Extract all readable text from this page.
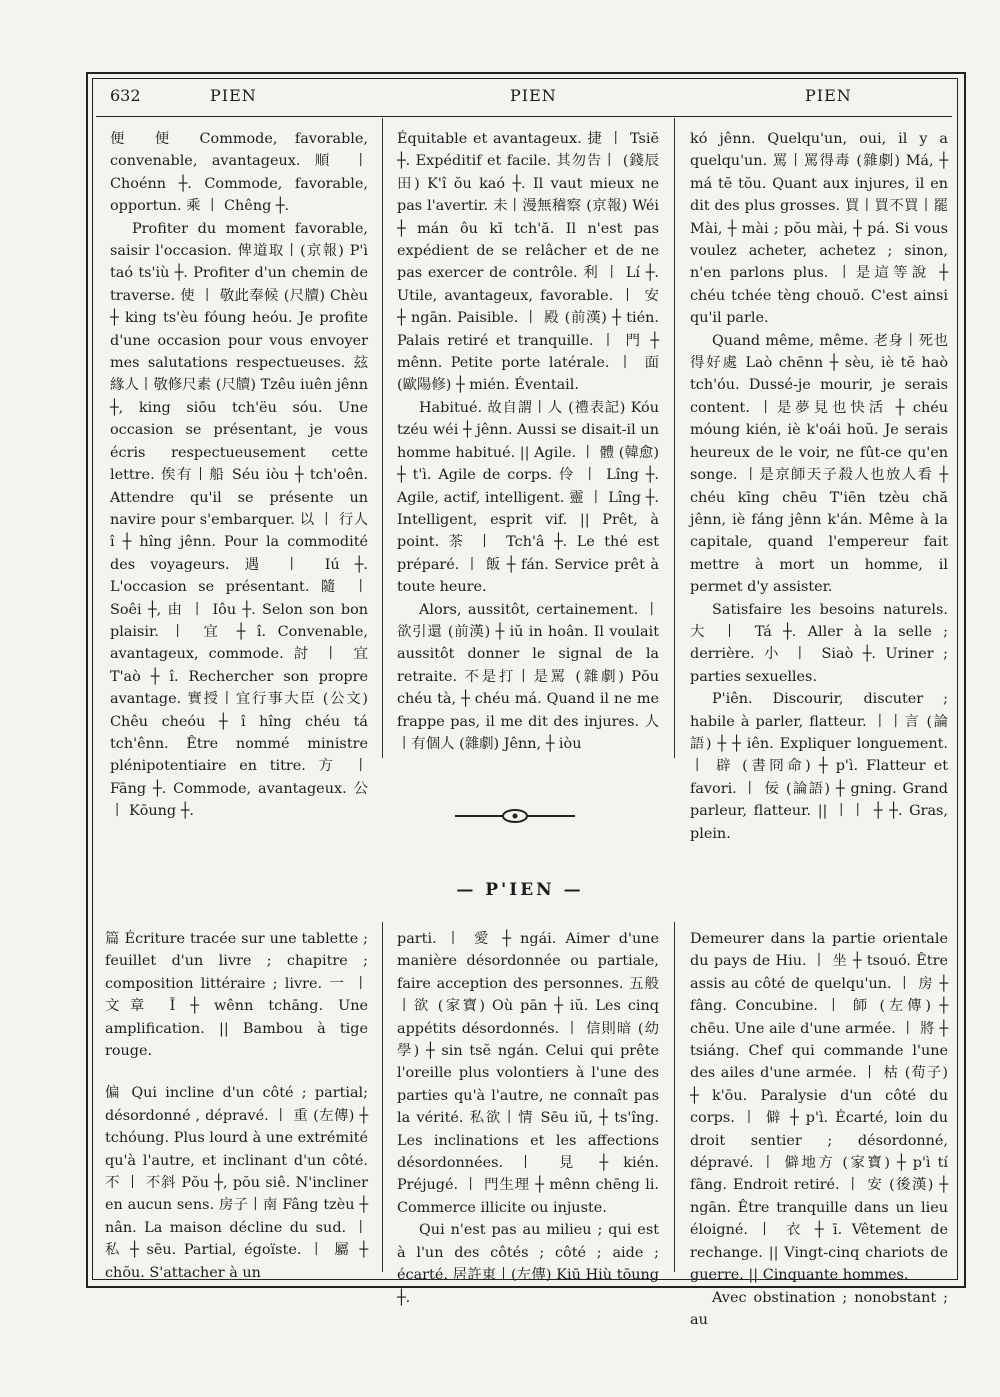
632	PIEN	PIEN	PIEN

便 便 Commode, favorable, convenable, avantageux. 順 丨 Choénn ┼. Commode, favorable, opportun. 乘 丨 Chêng ┼.

Profiter du moment favorable, saisir l'occasion. 俾道取丨(京報) P'ì taó ts'iù ┼. Profiter d'un chemin de traverse. 使 丨 敬此奉候 (尺牘) Chèu ┼ king ts'èu fóung heóu. Je profite d'une occasion pour vous envoyer mes salutations respectueuses. 玆緣人丨敬修尺素 (尺牘) Tzêu iuên jênn ┼, king siōu tch'ëu sóu. Une occasion se présentant, je vous écris respectueusement cette lettre. 俟有丨船 Séu iòu ┼ tch'oên. Attendre qu'il se présente un navire pour s'embarquer. 以 丨 行人 î ┼ hîng jênn. Pour la commodité des voyageurs. 遇 丨 Iú ┼. L'occasion se présentant. 隨 丨 Soêi ┼, 由 丨 Iôu ┼. Selon son bon plaisir. 丨 宜 ┼ î. Convenable, avantageux, commode. 討 丨 宜 T'aò ┼ î. Rechercher son propre avantage. 實授丨宜行事大臣 (公文) Chêu cheóu ┼ î hîng chéu tá tch'ênn. Être nommé ministre plénipotentiaire en titre. 方 丨 Fāng ┼. Commode, avantageux. 公 丨 Kōung ┼.

Équitable et avantageux. 捷 丨 Tsiĕ ┼. Expéditif et facile. 其勿告丨 (錢辰田) K'î ŏu kaó ┼. Il vaut mieux ne pas l'avertir. 未丨漫無稽察 (京報) Wéi ┼ mán ôu kī tch'ă. Il n'est pas expédient de se relâcher et de ne pas exercer de contrôle. 利 丨 Lí ┼. Utile, avantageux, favorable. 丨 安 ┼ ngān. Paisible. 丨 殿 (前漢) ┼ tién. Palais retiré et tranquille. 丨 門 ┼ mênn. Petite porte latérale. 丨 面 (歐陽修) ┼ mién. Éventail.

Habitué. 故自謂丨人 (禮表記) Kóu tzéu wéi ┼ jênn. Aussi se disait-il un homme habitué. || Agile. 丨 體 (韓愈) ┼ t'ì. Agile de corps. 伶 丨 Lîng ┼. Agile, actif, intelligent. 靈 丨 Lîng ┼. Intelligent, esprit vif. || Prêt, à point. 茶 丨 Tch'â ┼. Le thé est préparé. 丨 飯 ┼ fán. Service prêt à toute heure.

Alors, aussitôt, certainement. 丨 欲引還 (前漢) ┼ iŭ in hoân. Il voulait aussitôt donner le signal de la retraite. 不是打丨是罵 (雜劇) Pŏu chéu tà, ┼ chéu má. Quand il ne me frappe pas, il me dit des injures. 人丨有個人 (雜劇) Jênn, ┼ iòu

kó jênn. Quelqu'un, oui, il y a quelqu'un. 罵丨罵得毒 (雜劇) Má, ┼ má tĕ tŏu. Quant aux injures, il en dit des plus grosses. 買丨買不買丨罷 Mài, ┼ mài ; pŏu mài, ┼ pá. Si vous voulez acheter, achetez ; sinon, n'en parlons plus. 丨是這等說 ┼ chéu tchée tèng chouŏ. C'est ainsi qu'il parle.

Quand même, même. 老身丨死也得好處 Laò chēnn ┼ sèu, iè tĕ haò tch'óu. Dussé-je mourir, je serais content. 丨是夢見也快活 ┼ chéu móung kién, iè k'oái hoŭ. Je serais heureux de le voir, ne fût-ce qu'en songe. 丨是京師天子殺人也放人看 ┼ chéu kīng chēu T'iēn tzèu chă jênn, iè fáng jênn k'án. Même à la capitale, quand l'empereur fait mettre à mort un homme, il permet d'y assister.

Satisfaire les besoins naturels. 大 丨 Tá ┼. Aller à la selle ; derrière. 小 丨 Siaò ┼. Uriner ; parties sexuelles.

P'iên. Discourir, discuter ; habile à parler, flatteur. 丨丨言 (論語) ┼ ┼ iên. Expliquer longuement. 丨 辟 (書冏命) ┼ p'ì. Flatteur et favori. 丨 佞 (論語) ┼ gning. Grand parleur, flatteur. || 丨丨 ┼ ┼. Gras, plein.

— P'IEN —

篇 Écriture tracée sur une tablette ; feuillet d'un livre ; chapitre ; composition littéraire ; livre. 一 丨 文章 Ĭ ┼ wênn tchāng. Une amplification. || Bambou à tige rouge.

偏 Qui incline d'un côté ; partial; désordonné , dépravé. 丨 重 (左傳) ┼ tchóung. Plus lourd à une extrémité qu'à l'autre, et inclinant d'un côté. 不 丨 不斜 Pŏu ┼, pŏu siê. N'incliner en aucun sens. 房子丨南 Fâng tzèu ┼ nân. La maison décline du sud. 丨 私 ┼ sēu. Partial, égoïste. 丨 屬 ┼ chŏu. S'attacher à un

parti. 丨 愛 ┼ ngái. Aimer d'une manière désordonnée ou partiale, faire acception des personnes. 五般丨欲 (家寶) Où pān ┼ iŭ. Les cinq appétits désordonnés. 丨 信則暗 (幼學) ┼ sin tsĕ ngán. Celui qui prête l'oreille plus volontiers à l'une des parties qu'à l'autre, ne connaît pas la vérité. 私欲丨情 Sēu iŭ, ┼ ts'îng. Les inclinations et les affections désordonnées. 丨 見 ┼ kién. Préjugé. 丨 門生理 ┼ mênn chēng li. Commerce illicite ou injuste.

Qui n'est pas au milieu ; qui est à l'un des côtés ; côté ; aide ; écarté. 居許東丨(左傳) Kiū Hiù tōung ┼.

Demeurer dans la partie orientale du pays de Hiu. 丨 坐 ┼ tsouó. Être assis au côté de quelqu'un. 丨 房 ┼ fâng. Concubine. 丨 師 (左傳) ┼ chēu. Une aile d'une armée. 丨 將 ┼ tsiáng. Chef qui commande l'une des ailes d'une armée. 丨 枯 (荀子) ┼ k'ōu. Paralysie d'un côté du corps. 丨 僻 ┼ p'ì. Écarté, loin du droit sentier ; désordonné, dépravé. 丨 僻地方 (家寶) ┼ p'ì tí fāng. Endroit retiré. 丨 安 (後漢) ┼ ngān. Être tranquille dans un lieu éloigné. 丨 衣 ┼ ī. Vêtement de rechange. || Vingt-cinq chariots de guerre. || Cinquante hommes.

Avec obstination ; nonobstant ; au
